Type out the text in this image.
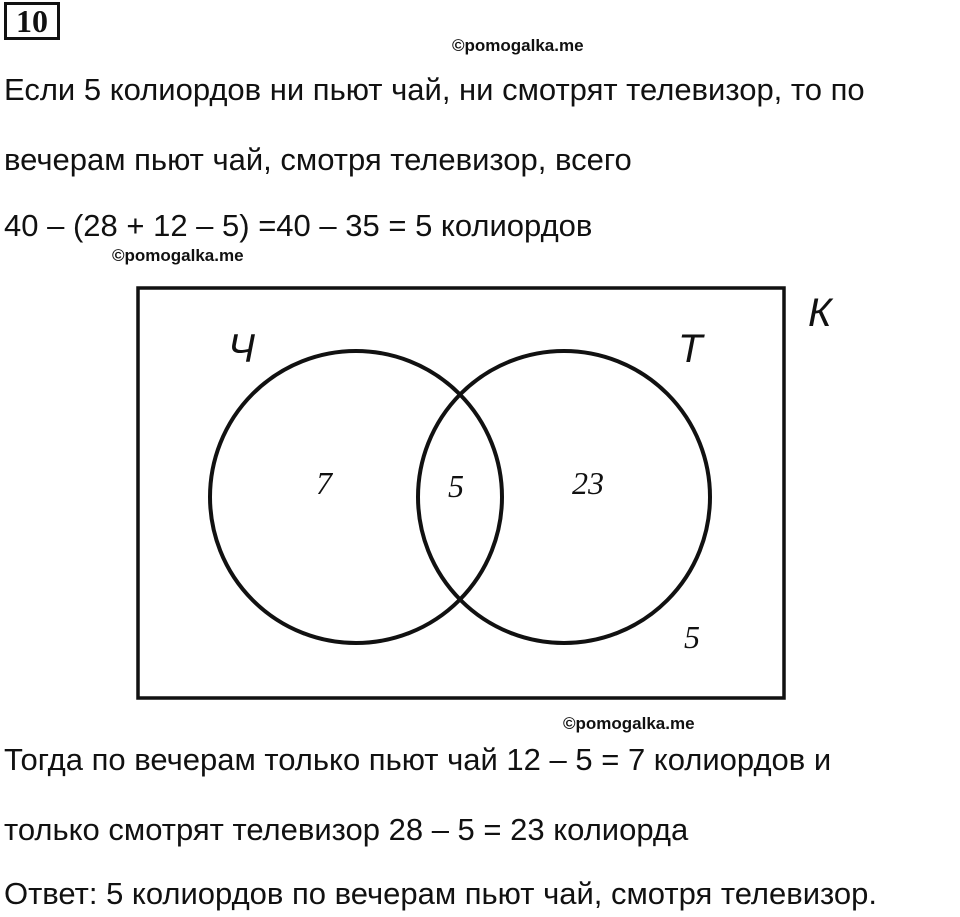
10
©pomogalka.me
Если 5 колиордов ни пьют чай, ни смотрят телевизор, то по
вечерам пьют чай, смотря телевизор, всего
40 – (28 + 12 – 5) =40 – 35 = 5 колиордов
©pomogalka.me
К
Ч	Т
7	5	23
5
©pomogalka.me
Тогда по вечерам только пьют чай 12 – 5 = 7 колиордов и
только смотрят телевизор 28 – 5 = 23 колиорда
Ответ: 5 колиордов по вечерам пьют чай, смотря телевизор.
